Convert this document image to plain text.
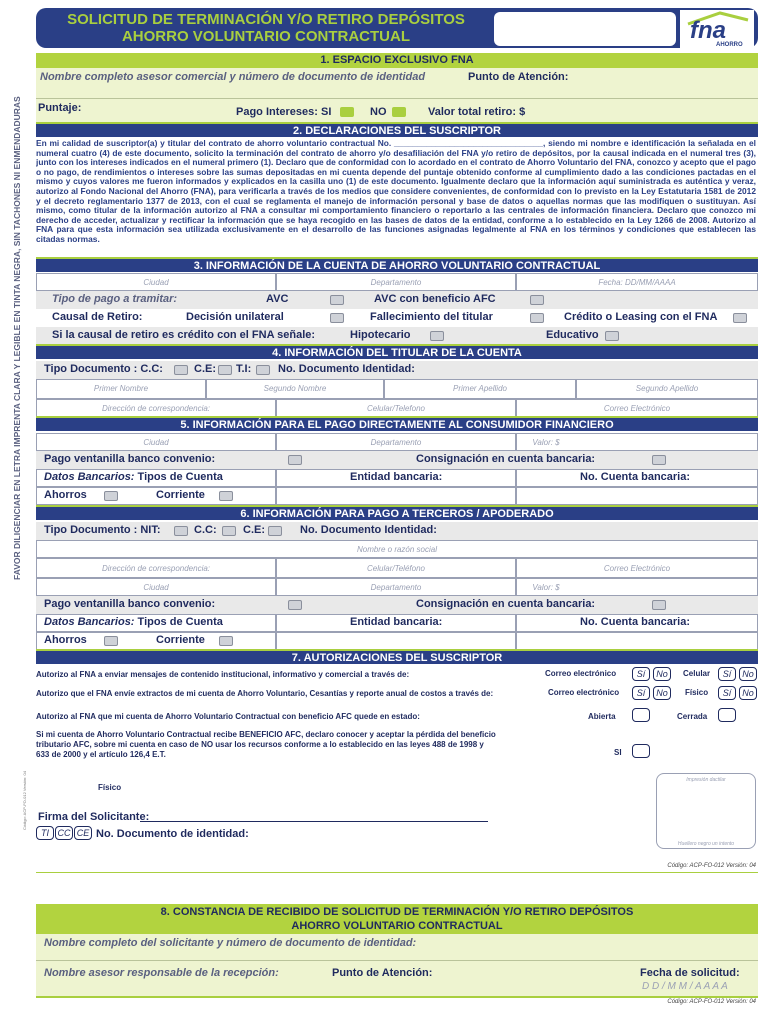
SOLICITUD DE TERMINACIÓN Y/O RETIRO DEPÓSITOS
AHORRO VOLUNTARIO CONTRACTUAL	fna
AHORRO
FAVOR DILIGENCIAR EN LETRA IMPRENTA CLARA Y LEGIBLE EN TINTA NEGRA, SIN TACHONES NI ENMENDADURAS
Código: ACP-FO-012 Versión: 04
1. ESPACIO EXCLUSIVO FNA
Nombre completo asesor comercial y número de documento de identidad	Punto de Atención:
Puntaje:	Pago Intereses: SI	NO	Valor total retiro: $
2. DECLARACIONES DEL SUSCRIPTOR
En mi calidad de suscriptor(a) y titular del contrato de ahorro voluntario contractual No. ________________________________, siendo mi nombre e identificación la señalada en el numeral cuatro (4) de este documento, solicito la terminación del contrato de ahorro y/o desafiliación del FNA y/o retiro de depósitos, por la causal indicada en el numeral tres (3), junto con los intereses indicados en el numeral primero (1). Declaro que de conformidad con lo acordado en el contrato de Ahorro Voluntario del FNA, conozco y acepto que el pago o no pago, de rendimientos o intereses sobre las sumas depositadas en mi cuenta depende del puntaje obtenido conforme al cumplimiento dado a las condiciones pactadas en el mismo y cuyos valores me fueron informados y explicados en la casilla uno (1) de este documento. Igualmente declaro que la información aquí suministrada es auténtica y veraz, autorizo al Fondo Nacional del Ahorro (FNA), para verificarla a través de los medios que considere convenientes, de conformidad con lo previsto en la Ley Estatutaria 1581 de 2012 y el decreto reglamentario 1377 de 2013, con el cual se reglamenta el manejo de información personal y base de datos o aquellas normas que las modifiquen o sustituyan. Así mismo, como titular de la información autorizo al FNA a consultar mi comportamiento financiero o reportarlo a las centrales de información financiera. Declaro que conozco mi derecho de acceder, actualizar y rectificar la información que se haya recogido en las bases de datos de la entidad, conforme a lo establecido en la Ley 1266 de 2008. Autorizo al FNA para que esta información sea utilizada exclusivamente en el desarrollo de las funciones asignadas legalmente al FNA en los términos y condiciones que establecen las citadas normas.
3. INFORMACIÓN DE LA CUENTA DE AHORRO VOLUNTARIO CONTRACTUAL
Ciudad	Departamento	Fecha: DD/MM/AAAA
Tipo de pago a tramitar:	AVC	AVC con beneficio AFC
Causal de Retiro:	Decisión unilateral	Fallecimiento del titular	Crédito o Leasing con el FNA
Si la causal de retiro es crédito con el FNA señale:	Hipotecario	Educativo
4. INFORMACIÓN DEL TITULAR DE LA CUENTA
Tipo Documento : C.C:	C.E: T.I: No. Documento Identidad:
Primer Nombre	Segundo Nombre	Primer Apellido	Segundo Apellido
Dirección de correspondencia:	Celular/Telefono	Correo Electrónico
5. INFORMACIÓN PARA EL PAGO DIRECTAMENTE AL CONSUMIDOR FINANCIERO
Ciudad	Departamento	Valor: $
Pago ventanilla banco convenio:	Consignación en cuenta bancaria:
Datos Bancarios: Tipos de Cuenta	Entidad bancaria:	No. Cuenta bancaria:
Ahorros	Corriente
6. INFORMACIÓN PARA PAGO A TERCEROS / APODERADO
Tipo Documento : NIT:	C.C: C.E:	No. Documento Identidad:
Nombre o razón social
Dirección de correspondencia:	Celular/Teléfono	Correo Electrónico
Ciudad	Departamento	Valor: $
Pago ventanilla banco convenio:	Consignación en cuenta bancaria:
Datos Bancarios: Tipos de Cuenta	Entidad bancaria:	No. Cuenta bancaria:
Ahorros	Corriente
7. AUTORIZACIONES DEL SUSCRIPTOR
Autorizo al FNA a enviar mensajes de contenido institucional, informativo y comercial a través de:	Correo electrónico	Sí	No	Celular	Sí	No
Autorizo que el FNA envíe extractos de mi cuenta de Ahorro Voluntario, Cesantías y reporte anual de costos a través de:	Correo electrónico	Sí	No	Físico	Sí	No
Autorizo al FNA que mi cuenta de Ahorro Voluntario Contractual con beneficio AFC quede en estado:	Abierta	Cerrada
Si mi cuenta de Ahorro Voluntario Contractual recibe BENEFICIO AFC, declaro conocer y aceptar la pérdida del beneficio tributario AFC, sobre mi cuenta en caso de NO usar los recursos conforme a lo establecido en las leyes 488 de 1998 y 633 de 2000 y el artículo 126,4 E.T.	SI
Físico
Firma del Solicitante:
TI CC CE No. Documento de identidad:
Impresión dactilar
Huellero negro un intento
Código: ACP-FO-012 Versión: 04
8. CONSTANCIA DE RECIBIDO DE SOLICITUD DE TERMINACIÓN Y/O RETIRO DEPÓSITOS
AHORRO VOLUNTARIO CONTRACTUAL
Nombre completo del solicitante y número de documento de identidad:
Nombre asesor responsable de la recepción:	Punto de Atención:	Fecha de solicitud:
D D / M M / A A A A
Código: ACP-FO-012 Versión: 04
